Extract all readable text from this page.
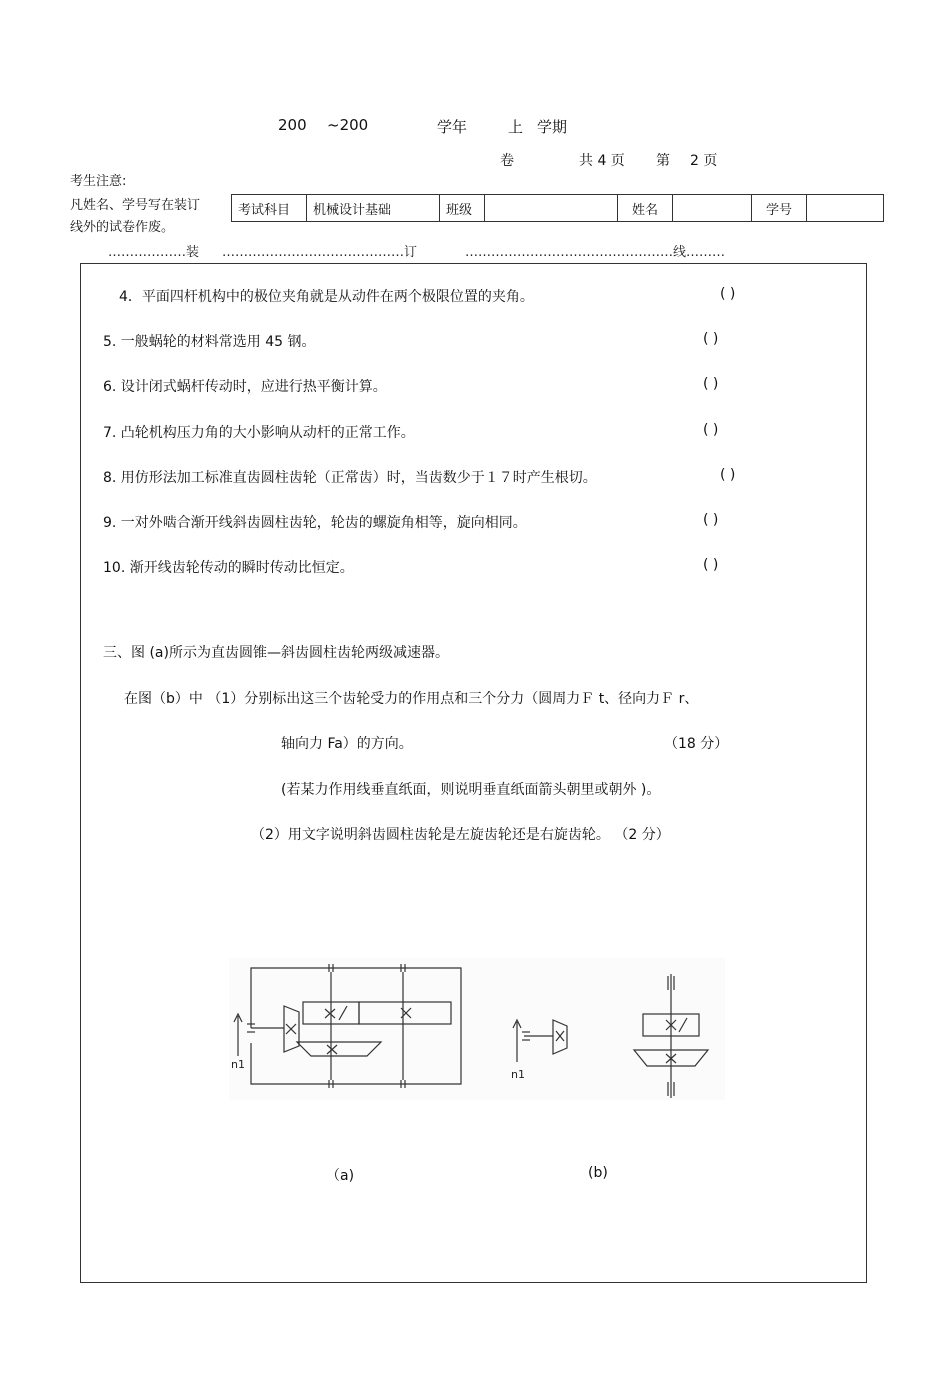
200 ~200	学年	上 学期
卷	共 4 页 第 2 页
考生注意:
凡姓名、学号写在装订
线外的试卷作废。
考试科目	机械设计基础	班级		姓名		学号	
………………装 ……………………………………订	…………………………………………线………
4．平面四杆机构中的极位夹角就是从动件在两个极限位置的夹角。	( )
5. 一般蜗轮的材料常选用 45 钢。	( )
6. 设计闭式蜗杆传动时，应进行热平衡计算。	( )
7. 凸轮机构压力角的大小影响从动杆的正常工作。	( )
8. 用仿形法加工标准直齿圆柱齿轮（正常齿）时，当齿数少于１７时产生根切。	( )
9. 一对外啮合渐开线斜齿圆柱齿轮，轮齿的螺旋角相等，旋向相同。	( )
10. 渐开线齿轮传动的瞬时传动比恒定。	( )
三、图 (a)所示为直齿圆锥—斜齿圆柱齿轮两级减速器。
在图（b）中 （1）分别标出这三个齿轮受力的作用点和三个分力（圆周力Ｆ t、径向力Ｆ r、
轴向力 Fa）的方向。	（18 分）
(若某力作用线垂直纸面，则说明垂直纸面箭头朝里或朝外 )。
（2）用文字说明斜齿圆柱齿轮是左旋齿轮还是右旋齿轮。 （2 分）
n1
n1
（a)	(b)
